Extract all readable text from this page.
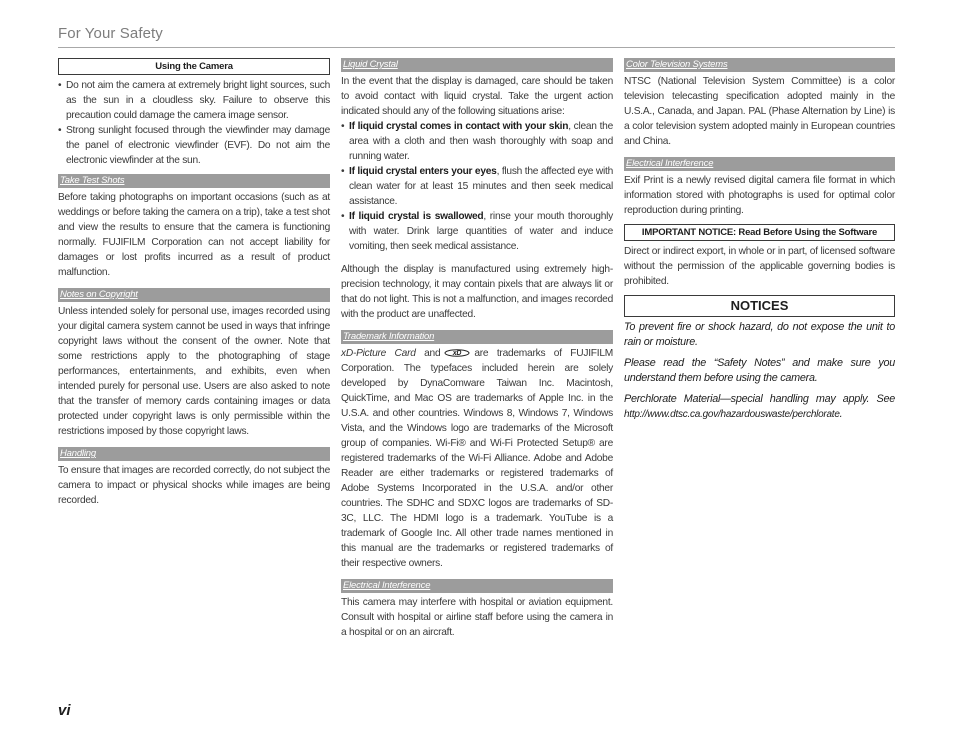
For Your Safety
Using the Camera
• Do not aim the camera at extremely bright light sources, such as the sun in a cloudless sky. Failure to observe this precaution could damage the camera image sensor.
• Strong sunlight focused through the viewfinder may damage the panel of electronic viewfinder (EVF). Do not aim the electronic viewfinder at the sun.
Take Test Shots

Before taking photographs on important occasions (such as at weddings or before taking the camera on a trip), take a test shot and view the results to ensure that the camera is functioning normally. FUJIFILM Corporation can not accept liability for damages or lost profits incurred as a result of product malfunction.

Notes on Copyright

Unless intended solely for personal use, images recorded using your digital camera system cannot be used in ways that infringe copyright laws without the consent of the owner. Note that some restrictions apply to the photographing of stage performances, entertainments, and exhibits, even when intended purely for personal use. Users are also asked to note that the transfer of memory cards containing images or data protected under copyright laws is only permissible within the restrictions imposed by those copyright laws.

Handling

To ensure that images are recorded correctly, do not subject the camera to impact or physical shocks while images are being recorded.

Liquid Crystal

In the event that the display is damaged, care should be taken to avoid contact with liquid crystal. Take the urgent action indicated should any of the following situations arise:

• If liquid crystal comes in contact with your skin, clean the area with a cloth and then wash thoroughly with soap and running water.
• If liquid crystal enters your eyes, flush the affected eye with clean water for at least 15 minutes and then seek medical assistance.
• If liquid crystal is swallowed, rinse your mouth thoroughly with water. Drink large quantities of water and induce vomiting, then seek medical assistance.

Although the display is manufactured using extremely high-precision technology, it may contain pixels that are always lit or that do not light. This is not a malfunction, and images recorded with the product are unaffected.

Trademark Information

xD-Picture Card and xD are trademarks of FUJIFILM Corporation. The typefaces included herein are solely developed by DynaComware Taiwan Inc. Macintosh, QuickTime, and Mac OS are trademarks of Apple Inc. in the U.S.A. and other countries. Windows 8, Windows 7, Windows Vista, and the Windows logo are trademarks of the Microsoft group of companies. Wi-Fi® and Wi-Fi Protected Setup® are registered trademarks of the Wi-Fi Alliance. Adobe and Adobe Reader are either trademarks or registered trademarks of Adobe Systems Incorporated in the U.S.A. and/or other countries. The SDHC and SDXC logos are trademarks of SD-3C, LLC. The HDMI logo is a trademark. YouTube is a trademark of Google Inc. All other trade names mentioned in this manual are the trademarks or registered trademarks of their respective owners.

Electrical Interference

This camera may interfere with hospital or aviation equipment. Consult with hospital or airline staff before using the camera in a hospital or on an aircraft.

Color Television Systems

NTSC (National Television System Committee) is a color television telecasting specification adopted mainly in the U.S.A., Canada, and Japan. PAL (Phase Alternation by Line) is a color television system adopted mainly in European countries and China.

Electrical Interference

Exif Print is a newly revised digital camera file format in which information stored with photographs is used for optimal color reproduction during printing.

IMPORTANT NOTICE: Read Before Using the Software

Direct or indirect export, in whole or in part, of licensed software without the permission of the applicable governing bodies is prohibited.

NOTICES

To prevent fire or shock hazard, do not expose the unit to rain or moisture.

Please read the “Safety Notes” and make sure you understand them before using the camera.

Perchlorate Material—special handling may apply. See http://www.dtsc.ca.gov/hazardouswaste/perchlorate.

vi
